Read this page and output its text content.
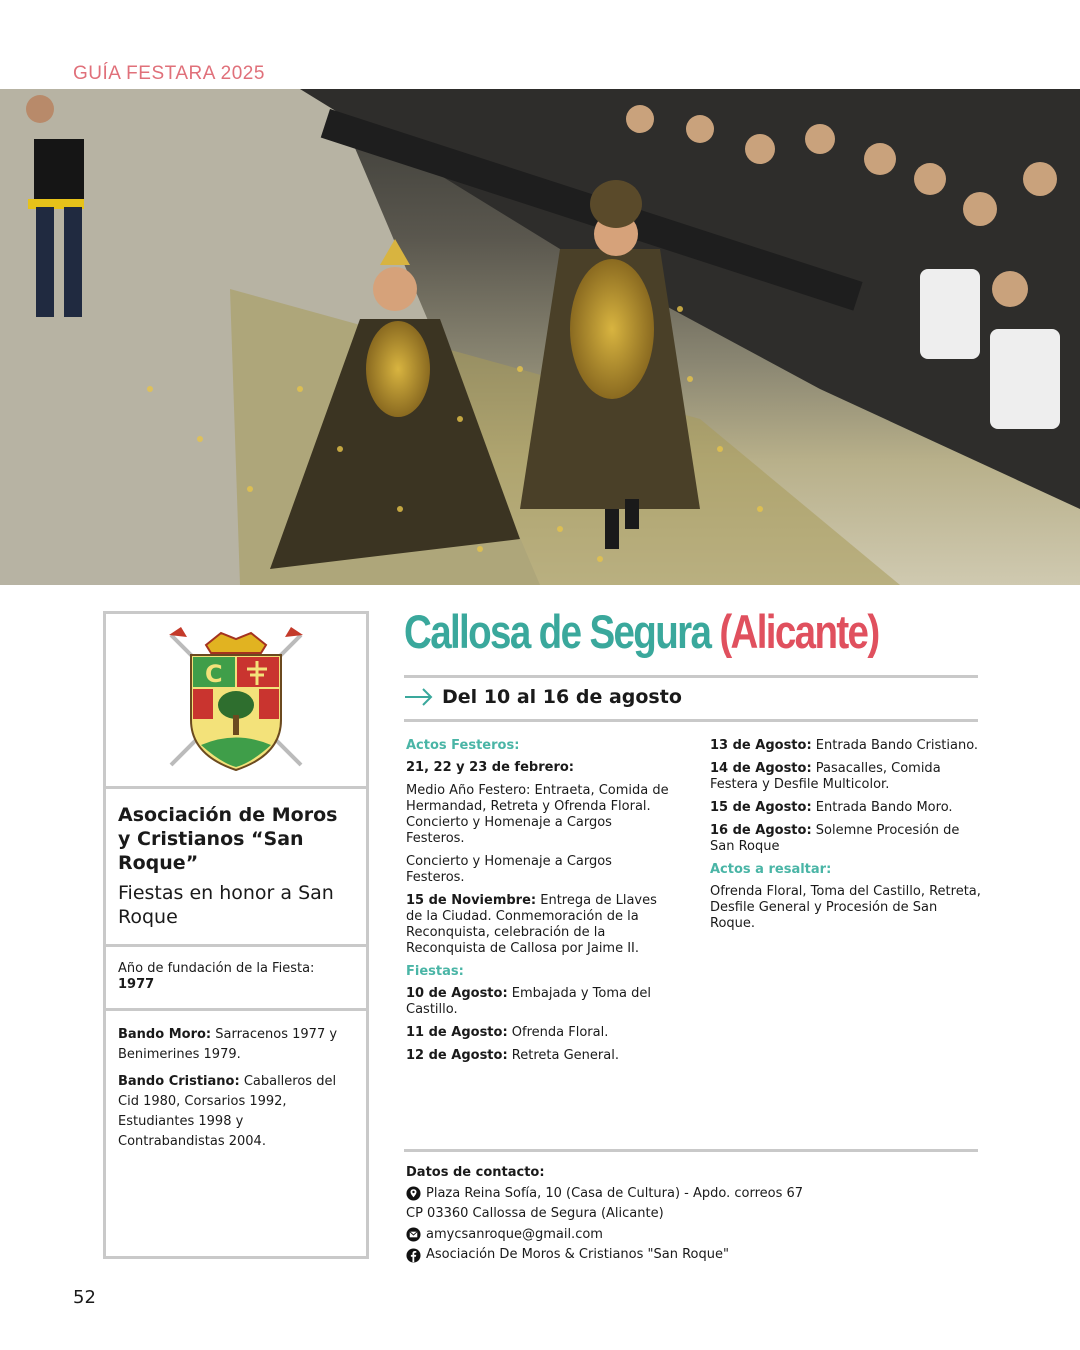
GUÍA FESTARA 2025
C
Asociación de Moros y Cristianos “San Roque”
Fiestas en honor a San Roque
Año de fundación de la Fiesta: 1977

Bando Moro: Sarracenos 1977 y Benimerines 1979.

Bando Cristiano: Caballeros del Cid 1980, Corsarios 1992, Estudiantes 1998 y Contrabandistas 2004.

Callosa de Segura (Alicante)
Del 10 al 16 de agosto
Actos Festeros:
21, 22 y 23 de febrero:
Medio Año Festero: Entraeta, Comida de Hermandad, Retreta y Ofrenda Floral. Concierto y Homenaje a Cargos Festeros.
Concierto y Homenaje a Cargos Festeros.
15 de Noviembre: Entrega de Llaves de la Ciudad. Conmemoración de la Reconquista, celebración de la Reconquista de Callosa por Jaime II.
Fiestas:
10 de Agosto: Embajada y Toma del Castillo.
11 de Agosto: Ofrenda Floral.
12 de Agosto: Retreta General.
13 de Agosto: Entrada Bando Cristiano.
14 de Agosto: Pasacalles, Comida Festera y Desfile Multicolor.
15 de Agosto: Entrada Bando Moro.
16 de Agosto: Solemne Procesión de San Roque
Actos a resaltar:
Ofrenda Floral, Toma del Castillo, Retreta, Desfile General y Procesión de San Roque.
Datos de contacto:
Plaza Reina Sofía, 10 (Casa de Cultura) - Apdo. correos 67
CP 03360 Callossa de Segura (Alicante)
amycsanroque@gmail.com
Asociación De Moros & Cristianos "San Roque"
52
